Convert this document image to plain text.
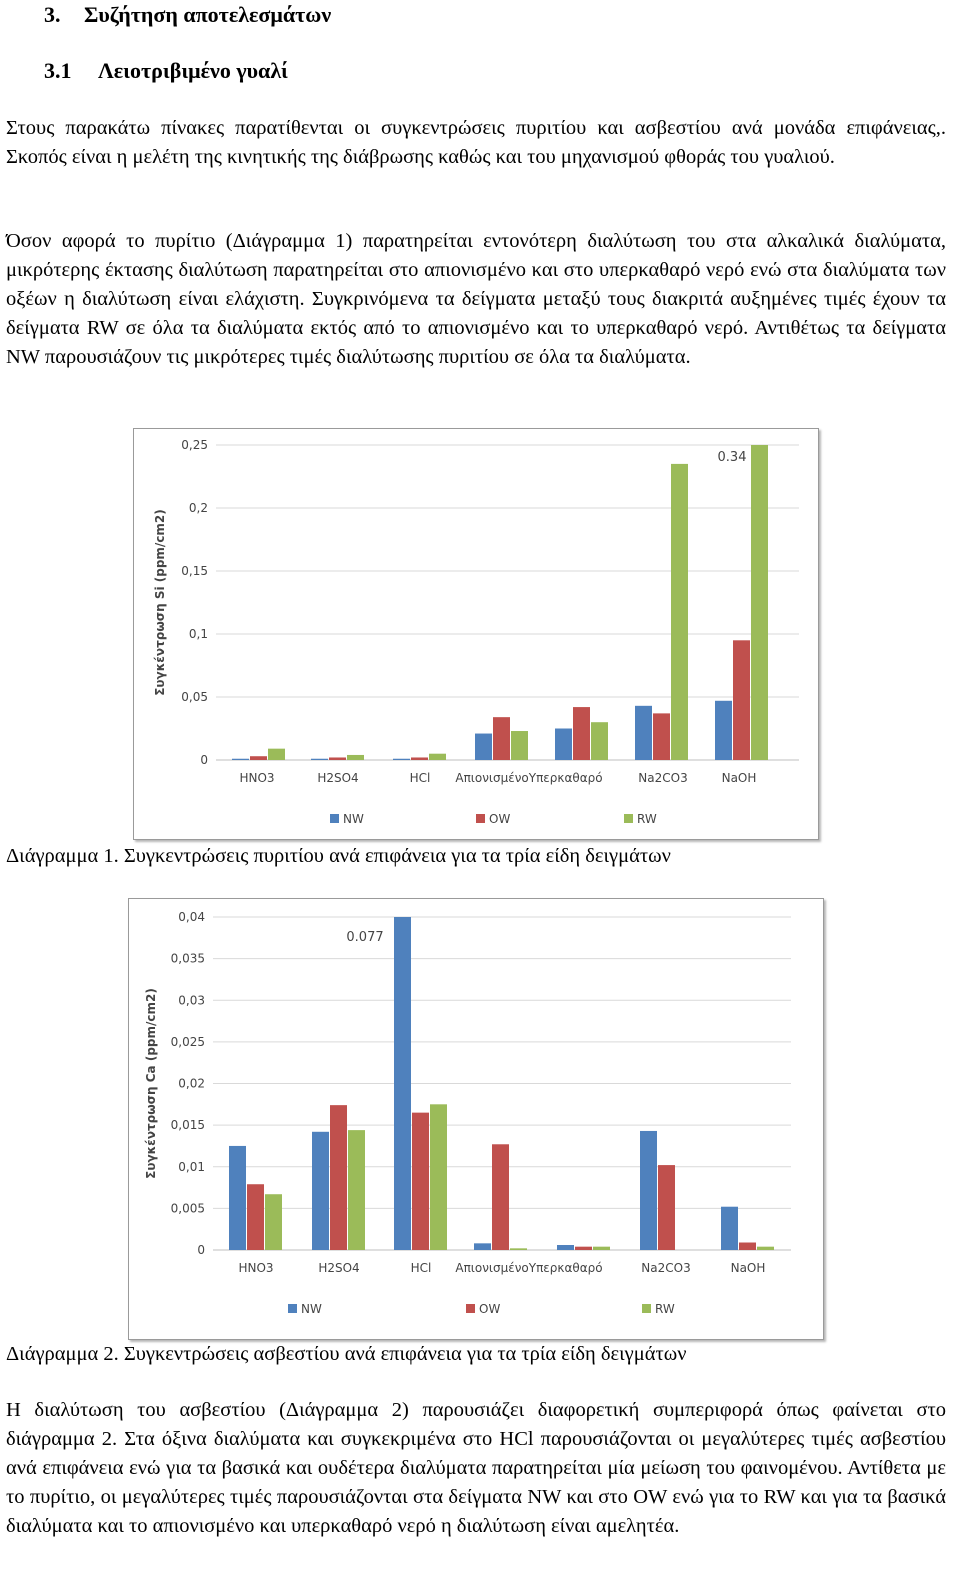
3. Συζήτηση αποτελεσμάτων
3.1 Λειοτριβιμένο γυαλί

Στους παρακάτω πίνακες παρατίθενται οι συγκεντρώσεις πυριτίου και ασβεστίου ανά μονάδα επιφάνειας,. Σκοπός είναι η μελέτη της κινητικής της διάβρωσης καθώς και του μηχανισμού φθοράς του γυαλιού.

Όσον αφορά το πυρίτιο (Διάγραμμα 1) παρατηρείται εντονότερη διαλύτωση του στα αλκαλικά διαλύματα, μικρότερης έκτασης διαλύτωση παρατηρείται στο απιονισμένο και στο υπερκαθαρό νερό ενώ στα διαλύματα των οξέων η διαλύτωση είναι ελάχιστη. Συγκρινόμενα τα δείγματα μεταξύ τους διακριτά αυξημένες τιμές έχουν τα δείγματα RW σε όλα τα διαλύματα εκτός από το απιονισμένο και το υπερκαθαρό νερό. Αντιθέτως τα δείγματα NW παρουσιάζουν τις μικρότερες τιμές διαλύτωσης πυριτίου σε όλα τα διαλύματα.

0
0,05
0,1
0,15
0,2
0,25
Συγκέντρωση Si (ppm/cm2)
HNO3	H2SO4	HCl ΑπιονισμένοΥπερκαθαρό	Na2CO3	NaOH
0.34
NW	OW	RW

Διάγραμμα 1. Συγκεντρώσεις πυριτίου ανά επιφάνεια για τα τρία είδη δειγμάτων

0
0,005
0,01
0,015
0,02
0,025
0,03
0,035
0,04
Συγκέντρωση Ca (ppm/cm2)
HNO3	H2SO4	HCl ΑπιονισμένοΥπερκαθαρό	Na2CO3	NaOH
0.077
NW	OW	RW

Διάγραμμα 2. Συγκεντρώσεις ασβεστίου ανά επιφάνεια για τα τρία είδη δειγμάτων

Η διαλύτωση του ασβεστίου (Διάγραμμα 2) παρουσιάζει διαφορετική συμπεριφορά όπως φαίνεται στο διάγραμμα 2. Στα όξινα διαλύματα και συγκεκριμένα στο HCl παρουσιάζονται οι μεγαλύτερες τιμές ασβεστίου ανά επιφάνεια ενώ για τα βασικά και ουδέτερα διαλύματα παρατηρείται μία μείωση του φαινομένου. Αντίθετα με το πυρίτιο, οι μεγαλύτερες τιμές παρουσιάζονται στα δείγματα NW και στο OW ενώ για το RW και για τα βασικά διαλύματα και το απιονισμένο και υπερκαθαρό νερό η διαλύτωση είναι αμελητέα.
